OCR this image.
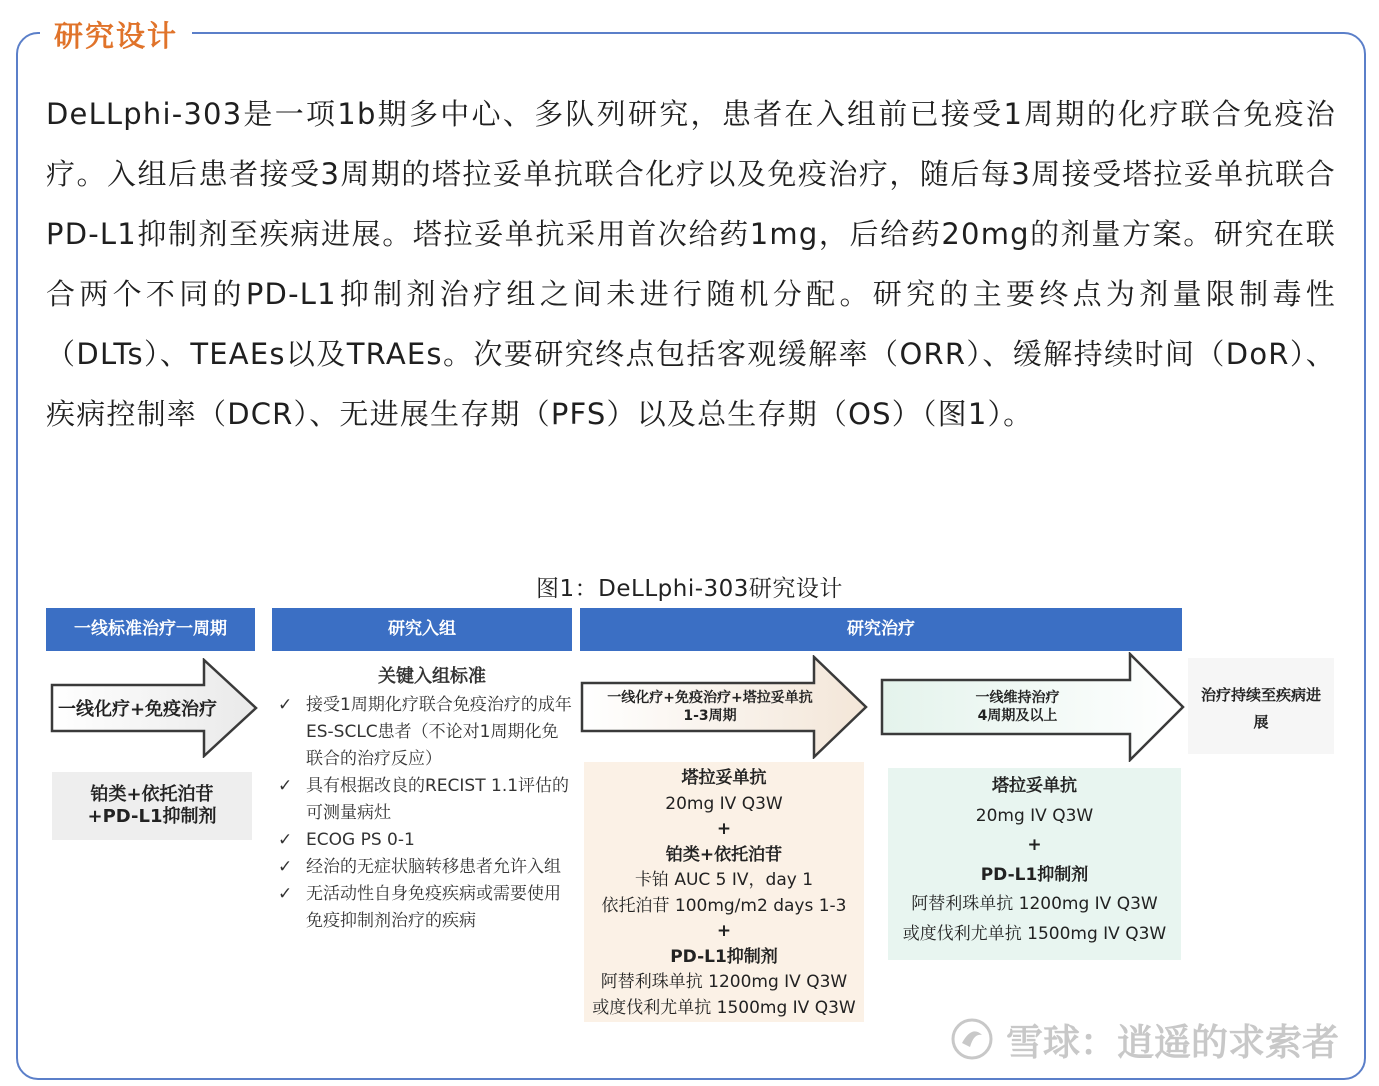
研究设计

DeLLphi-303是一项1b期多中心、多队列研究，患者在入组前已接受1周期的化疗联合免疫治疗。入组后患者接受3周期的塔拉妥单抗联合化疗以及免疫治疗，随后每3周接受塔拉妥单抗联合PD-L1抑制剂至疾病进展。塔拉妥单抗采用首次给药1mg，后给药20mg的剂量方案。研究在联合两个不同的PD-L1抑制剂治疗组之间未进行随机分配。研究的主要终点为剂量限制毒性（DLTs）、TEAEs以及TRAEs。次要研究终点包括客观缓解率（ORR）、缓解持续时间（DoR）、疾病控制率（DCR）、无进展生存期（PFS）以及总生存期（OS）（图1）。

图1：DeLLphi-303研究设计
一线标准治疗一周期	研究入组	研究治疗
一线化疗+免疫治疗
铂类+依托泊苷
+PD-L1抑制剂
关键入组标准
✓ 接受1周期化疗联合免疫治疗的成年ES-SCLC患者（不论对1周期化免联合的治疗反应）
✓ 具有根据改良的RECIST 1.1评估的可测量病灶
✓ ECOG PS 0-1
✓ 经治的无症状脑转移患者允许入组
✓ 无活动性自身免疫疾病或需要使用免疫抑制剂治疗的疾病
一线化疗+免疫治疗+塔拉妥单抗
1-3周期
塔拉妥单抗
20mg IV Q3W
+
铂类+依托泊苷
卡铂 AUC 5 IV，day 1
依托泊苷 100mg/m2 days 1-3
+
PD-L1抑制剂
阿替利珠单抗 1200mg IV Q3W
或度伐利尤单抗 1500mg IV Q3W
一线维持治疗
4周期及以上
塔拉妥单抗
20mg IV Q3W
+
PD-L1抑制剂
阿替利珠单抗 1200mg IV Q3W
或度伐利尤单抗 1500mg IV Q3W
治疗持续至疾病进展
雪球：逍遥的求索者
